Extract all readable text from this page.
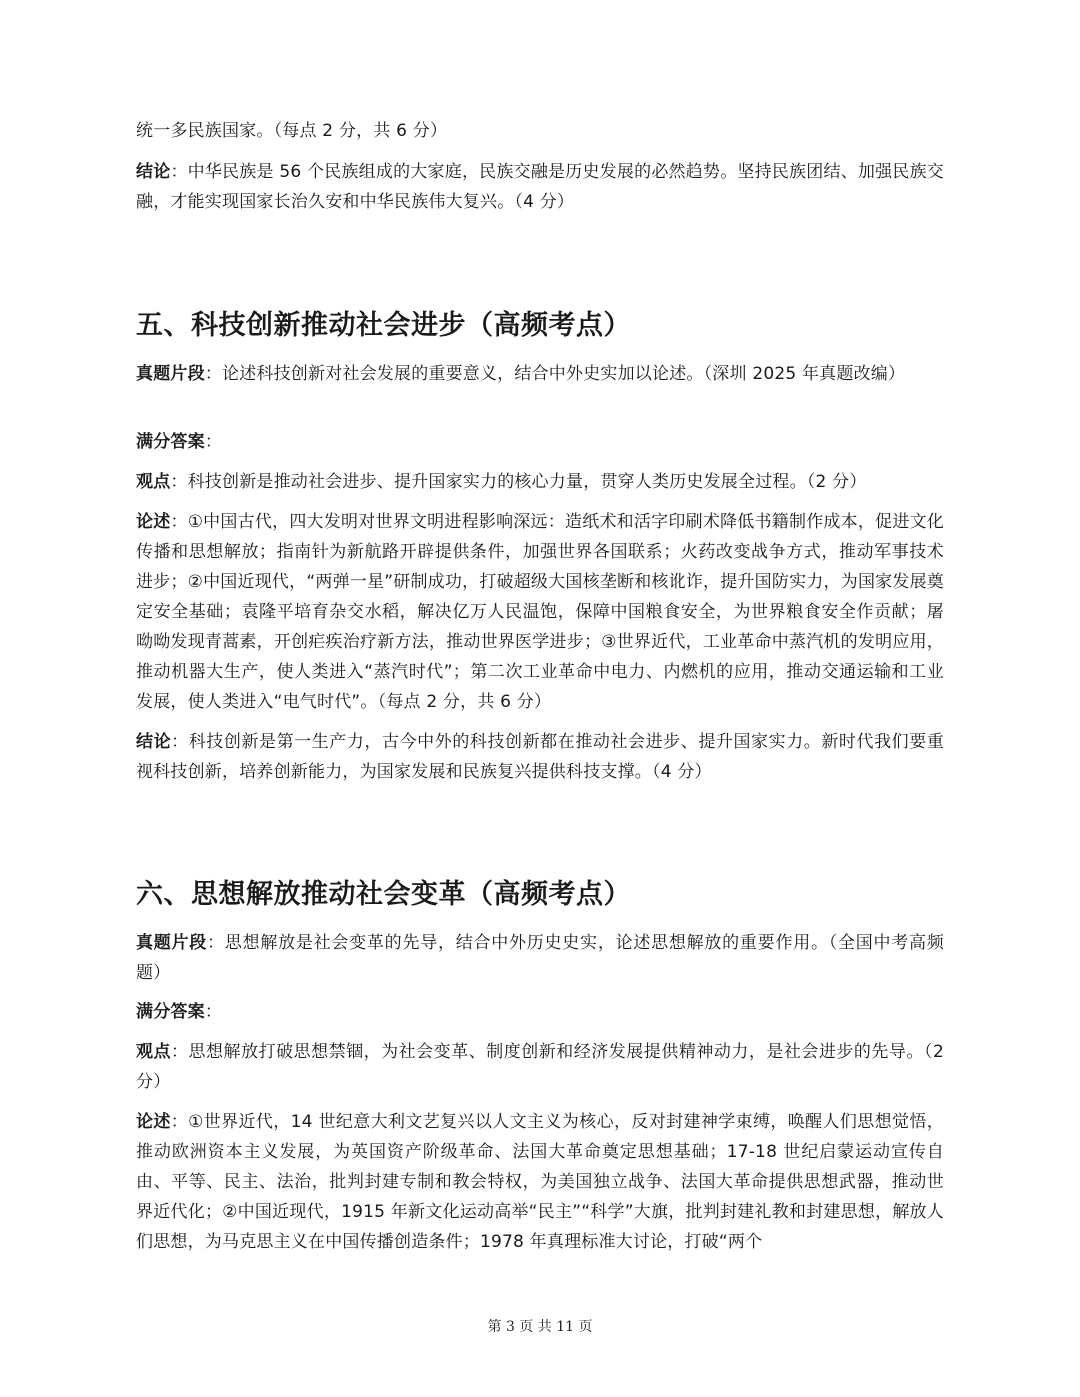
统一多民族国家。（每点 2 分，共 6 分）

结论：中华民族是 56 个民族组成的大家庭，民族交融是历史发展的必然趋势。坚持民族团结、加强民族交融，才能实现国家长治久安和中华民族伟大复兴。（4 分）

五、科技创新推动社会进步（高频考点）

真题片段：论述科技创新对社会发展的重要意义，结合中外史实加以论述。（深圳 2025 年真题改编）

满分答案：

观点：科技创新是推动社会进步、提升国家实力的核心力量，贯穿人类历史发展全过程。（2 分）

论述：①中国古代，四大发明对世界文明进程影响深远：造纸术和活字印刷术降低书籍制作成本，促进文化传播和思想解放；指南针为新航路开辟提供条件，加强世界各国联系；火药改变战争方式，推动军事技术进步；②中国近现代，“两弹一星”研制成功，打破超级大国核垄断和核讹诈，提升国防实力，为国家发展奠定安全基础；袁隆平培育杂交水稻，解决亿万人民温饱，保障中国粮食安全，为世界粮食安全作贡献；屠呦呦发现青蒿素，开创疟疾治疗新方法，推动世界医学进步；③世界近代，工业革命中蒸汽机的发明应用，推动机器大生产，使人类进入“蒸汽时代”；第二次工业革命中电力、内燃机的应用，推动交通运输和工业发展，使人类进入“电气时代”。（每点 2 分，共 6 分）

结论：科技创新是第一生产力，古今中外的科技创新都在推动社会进步、提升国家实力。新时代我们要重视科技创新，培养创新能力，为国家发展和民族复兴提供科技支撑。（4 分）

六、思想解放推动社会变革（高频考点）

真题片段：思想解放是社会变革的先导，结合中外历史史实，论述思想解放的重要作用。（全国中考高频题）

满分答案：

观点：思想解放打破思想禁锢，为社会变革、制度创新和经济发展提供精神动力，是社会进步的先导。（2 分）

论述：①世界近代，14 世纪意大利文艺复兴以人文主义为核心，反对封建神学束缚，唤醒人们思想觉悟，推动欧洲资本主义发展，为英国资产阶级革命、法国大革命奠定思想基础；17-18 世纪启蒙运动宣传自由、平等、民主、法治，批判封建专制和教会特权，为美国独立战争、法国大革命提供思想武器，推动世界近代化；②中国近现代，1915 年新文化运动高举“民主”“科学”大旗，批判封建礼教和封建思想，解放人们思想，为马克思主义在中国传播创造条件；1978 年真理标准大讨论，打破“两个

第 3 页 共 11 页
